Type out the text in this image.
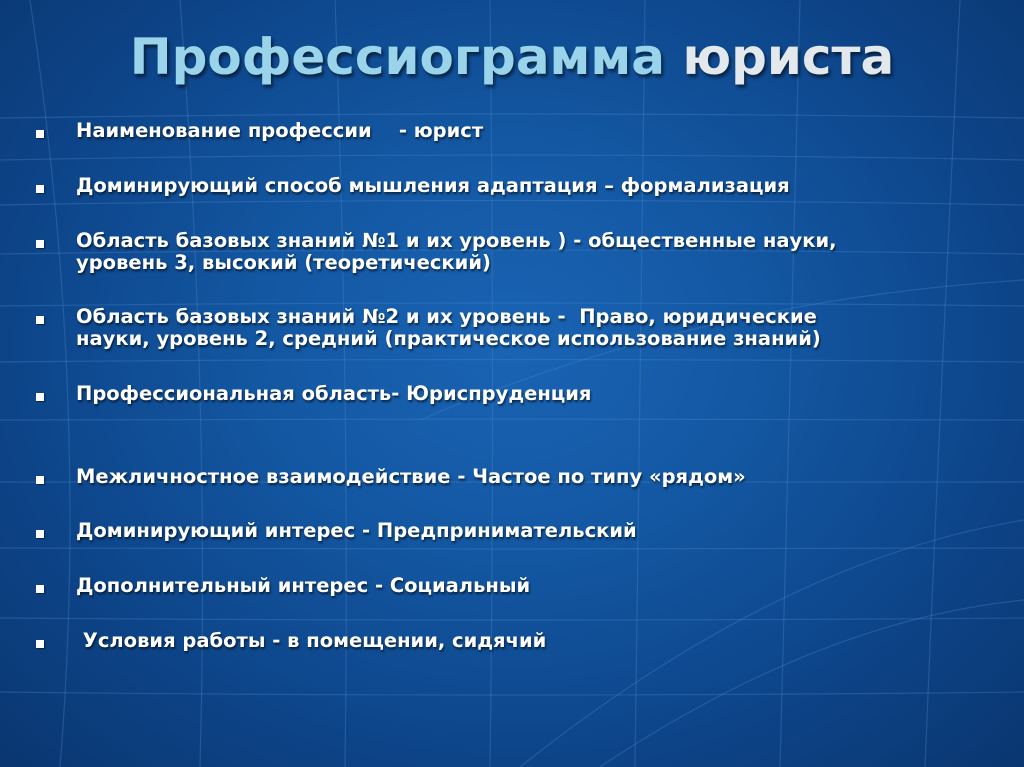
Профессиограмма юриста
Наименование профессии    - юрист
Доминирующий способ мышления адаптация – формализация
Область базовых знаний №1 и их уровень ) - общественные науки,
уровень 3, высокий (теоретический)
Область базовых знаний №2 и их уровень -  Право, юридические
науки, уровень 2, средний (практическое использование знаний)
Профессиональная область- Юриспруденция
Межличностное взаимодействие - Частое по типу «рядом»
Доминирующий интерес - Предпринимательский
Дополнительный интерес - Социальный
Условия работы - в помещении, сидячий
